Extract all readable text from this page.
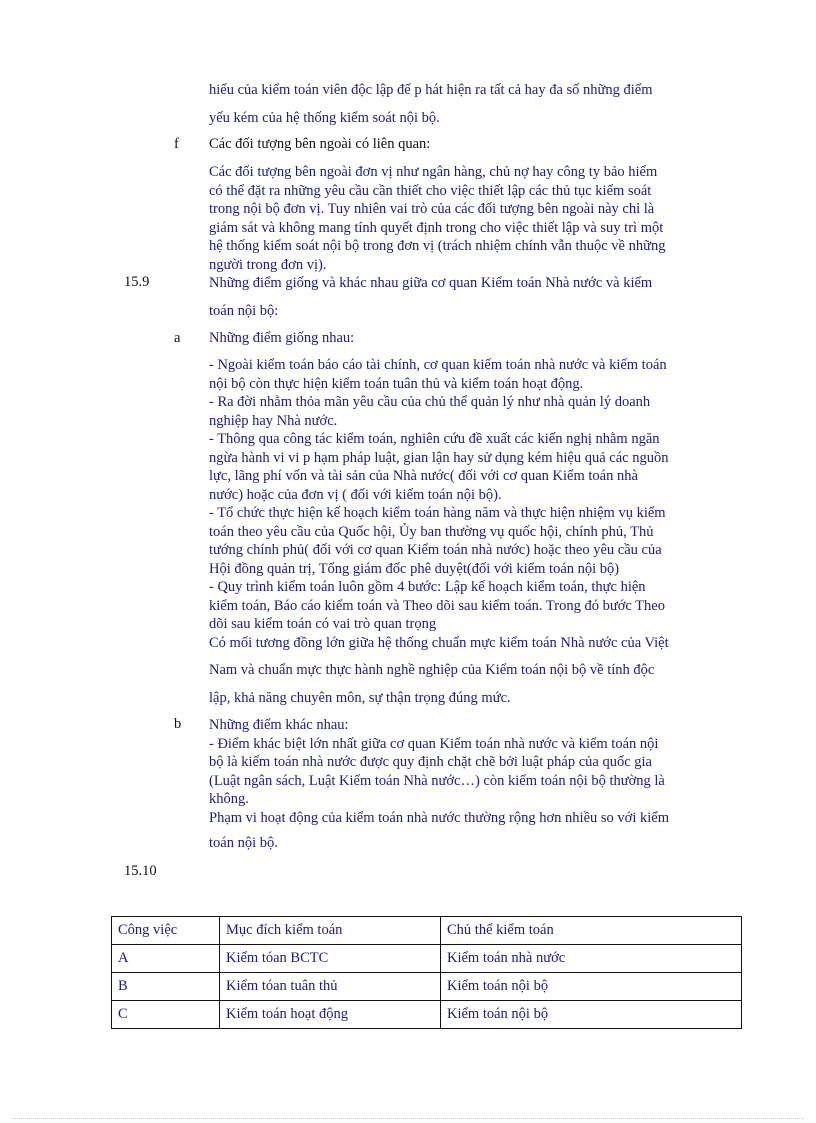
hiểu của kiểm toán viên độc lập để p hát hiện ra tất cả hay đa số những điểm
yếu kém của hệ thống kiểm soát nội bộ.
f Các đối tượng bên ngoài có liên quan:
Các đối tượng bên ngoài đơn vị như ngân hàng, chủ nợ hay công ty bảo hiểm
có thể đặt ra những yêu cầu cần thiết cho việc thiết lập các thủ tục kiểm soát
trong nội bộ đơn vị. Tuy nhiên vai trò của các đối tượng bên ngoài này chỉ là
giám sát và không mang tính quyết định trong cho việc thiết lập và suy trì một
hệ thống kiểm soát nội bộ trong đơn vị (trách nhiệm chính vẫn thuộc về những
người trong đơn vị).
15.9	Những điểm giống và khác nhau giữa cơ quan Kiểm toán Nhà nước và kiểm
toán nội bộ:
a Những điểm giống nhau:
- Ngoài kiểm toán báo cáo tài chính, cơ quan kiểm toán nhà nước và kiểm toán
nội bộ còn thực hiện kiểm toán tuân thủ và kiểm toán hoạt động.
- Ra đời nhằm thỏa mãn yêu cầu của chủ thể quản lý như nhà quản lý doanh
nghiệp hay Nhà nước.
- Thông qua công tác kiểm toán, nghiên cứu đề xuất các kiến nghị nhằm ngăn
ngừa hành vi vi p hạm pháp luật, gian lận hay sử dụng kém hiệu quả các nguồn
lực, lãng phí vốn và tài sản của Nhà nước( đối với cơ quan Kiểm toán nhà
nước) hoặc của đơn vị ( đối với kiểm toán nội bộ).
- Tổ chức thực hiện kế hoạch kiểm toán hàng năm và thực hiện nhiệm vụ kiểm
toán theo yêu cầu của Quốc hội, Ủy ban thường vụ quốc hội, chính phủ, Thủ
tướng chính phủ( đối với cơ quan Kiểm toán nhà nước) hoặc theo yêu cầu của
Hội đồng quản trị, Tổng giám đốc phê duyệt(đối với kiểm toán nội bộ)
- Quy trình kiểm toán luôn gồm 4 bước: Lập kế hoạch kiểm toán, thực hiện
kiểm toán, Báo cáo kiểm toán và Theo dõi sau kiểm toán. Trong đó bước Theo
dõi sau kiểm toán có vai trò quan trọng
Có mối tương đồng lớn giữa hệ thống chuẩn mực kiểm toán Nhà nước của Việt
Nam và chuẩn mực thực hành nghề nghiệp của Kiểm toán nội bộ về tính độc
lập, khả năng chuyên môn, sự thận trọng đúng mức.
b Những điểm khác nhau:
- Điểm khác biệt lớn nhất giữa cơ quan Kiểm toán nhà nước và kiểm toán nội
bộ là kiểm toán nhà nước được quy định chặt chẽ bởi luật pháp của quốc gia
(Luật ngân sách, Luật Kiểm toán Nhà nước…) còn kiểm toán nội bộ thường là
không.
Phạm vi hoạt động của kiểm toán nhà nước thường rộng hơn nhiều so với kiểm
toán nội bộ.
15.10
Công việc	Mục đích kiểm toán	Chủ thể kiểm toán
A	Kiểm tóan BCTC	Kiểm toán nhà nước
B	Kiểm tóan tuân thủ	Kiểm toán nội bộ
C	Kiểm toán hoạt động	Kiểm toán nội bộ
